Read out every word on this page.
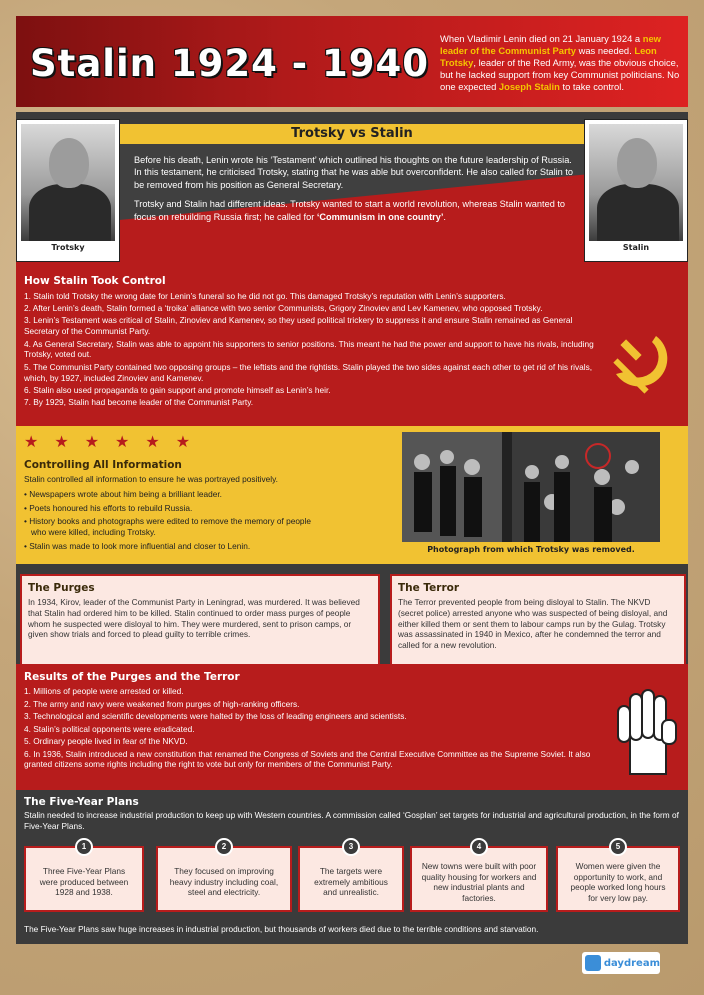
Stalin 1924 - 1940
When Vladimir Lenin died on 21 January 1924 a new leader of the Communist Party was needed. Leon Trotsky, leader of the Red Army, was the obvious choice, but he lacked support from key Communist politicians. No one expected Joseph Stalin to take control.
Trotsky vs Stalin

Before his death, Lenin wrote his ‘Testament’ which outlined his thoughts on the future leadership of Russia. In this testament, he criticised Trotsky, stating that he was able but overconfident. He also called for Stalin to be removed from his position as General Secretary.

Trotsky and Stalin had different ideas. Trotsky wanted to start a world revolution, whereas Stalin wanted to focus on rebuilding Russia first; he called for ‘Communism in one country’.

Trotsky	Stalin
How Stalin Took Control
1. Stalin told Trotsky the wrong date for Lenin’s funeral so he did not go. This damaged Trotsky’s reputation with Lenin’s supporters.
2. After Lenin’s death, Stalin formed a ‘troika’ alliance with two senior Communists, Grigory Zinoviev and Lev Kamenev, who opposed Trotsky.
3. Lenin’s Testament was critical of Stalin, Zinoviev and Kamenev, so they used political trickery to suppress it and ensure Stalin remained as General Secretary of the Communist Party.
4. As General Secretary, Stalin was able to appoint his supporters to senior positions. This meant he had the power and support to have his rivals, including Trotsky, voted out.
5. The Communist Party contained two opposing groups – the leftists and the rightists. Stalin played the two sides against each other to get rid of his rivals, which, by 1927, included Zinoviev and Kamenev.
6. Stalin also used propaganda to gain support and promote himself as Lenin’s heir.
7. By 1929, Stalin had become leader of the Communist Party.
★ ★ ★ ★ ★ ★
Controlling All Information
Stalin controlled all information to ensure he was portrayed positively.
• Newspapers wrote about him being a brilliant leader.
• Poets honoured his efforts to rebuild Russia.
• History books and photographs were edited to remove the memory of people who were killed, including Trotsky.
• Stalin was made to look more influential and closer to Lenin.	Photograph from which Trotsky was removed.
The Purges

In 1934, Kirov, leader of the Communist Party in Leningrad, was murdered. It was believed that Stalin had ordered him to be killed. Stalin continued to order mass purges of people whom he suspected were disloyal to him. They were murdered, sent to prison camps, or given show trials and forced to plead guilty to terrible crimes.

The Terror

The Terror prevented people from being disloyal to Stalin. The NKVD (secret police) arrested anyone who was suspected of being disloyal, and either killed them or sent them to labour camps run by the Gulag. Trotsky was assassinated in 1940 in Mexico, after he condemned the terror and called for a new revolution.

Results of the Purges and the Terror
1. Millions of people were arrested or killed.
2. The army and navy were weakened from purges of high-ranking officers.
3. Technological and scientific developments were halted by the loss of leading engineers and scientists.
4. Stalin’s political opponents were eradicated.
5. Ordinary people lived in fear of the NKVD.
6. In 1936, Stalin introduced a new constitution that renamed the Congress of Soviets and the Central Executive Committee as the Supreme Soviet. It also granted citizens some rights including the right to vote but only for members of the Communist Party.
The Five-Year Plans
Stalin needed to increase industrial production to keep up with Western countries. A commission called ‘Gosplan’ set targets for industrial and agricultural production, in the form of Five-Year Plans.
1
Three Five-Year Plans were produced between 1928 and 1938.
2
They focused on improving heavy industry including coal, steel and electricity.
3
The targets were extremely ambitious and unrealistic.
4
New towns were built with poor quality housing for workers and new industrial plants and factories.
5
Women were given the opportunity to work, and people worked long hours for very low pay.
The Five-Year Plans saw huge increases in industrial production, but thousands of workers died due to the terrible conditions and starvation.
daydream
